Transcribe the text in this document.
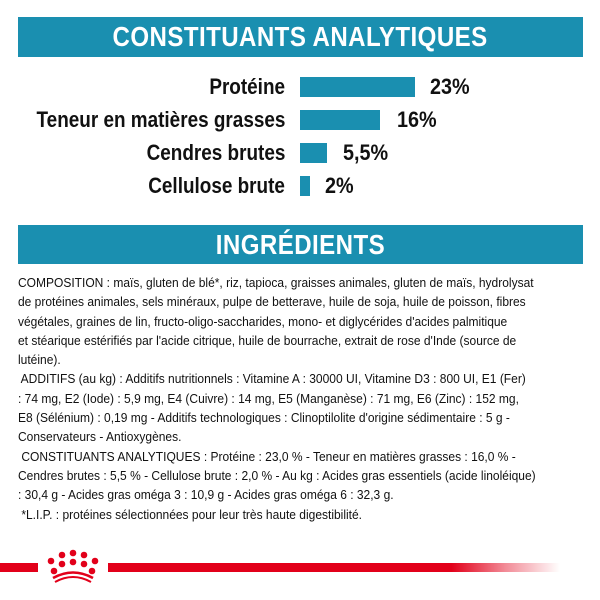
CONSTITUANTS ANALYTIQUES
Protéine	23%
Teneur en matières grasses	16%
Cendres brutes	5,5%
Cellulose brute 2%
INGRÉDIENTS

COMPOSITION : maïs, gluten de blé*, riz, tapioca, graisses animales, gluten de maïs, hydrolysat

de protéines animales, sels minéraux, pulpe de betterave, huile de soja, huile de poisson, fibres

végétales, graines de lin, fructo-oligo-saccharides, mono- et diglycérides d'acides palmitique

et stéarique estérifiés par l'acide citrique, huile de bourrache, extrait de rose d'Inde (source de

lutéine).

ADDITIFS (au kg) : Additifs nutritionnels : Vitamine A : 30000 UI, Vitamine D3 : 800 UI, E1 (Fer)

: 74 mg, E2 (Iode) : 5,9 mg, E4 (Cuivre) : 14 mg, E5 (Manganèse) : 71 mg, E6 (Zinc) : 152 mg,

E8 (Sélénium) : 0,19 mg - Additifs technologiques : Clinoptilolite d'origine sédimentaire : 5 g -

Conservateurs - Antioxygènes.

CONSTITUANTS ANALYTIQUES : Protéine : 23,0 % - Teneur en matières grasses : 16,0 % -

Cendres brutes : 5,5 % - Cellulose brute : 2,0 % - Au kg : Acides gras essentiels (acide linoléique)

: 30,4 g - Acides gras oméga 3 : 10,9 g - Acides gras oméga 6 : 32,3 g.

*L.I.P. : protéines sélectionnées pour leur très haute digestibilité.
